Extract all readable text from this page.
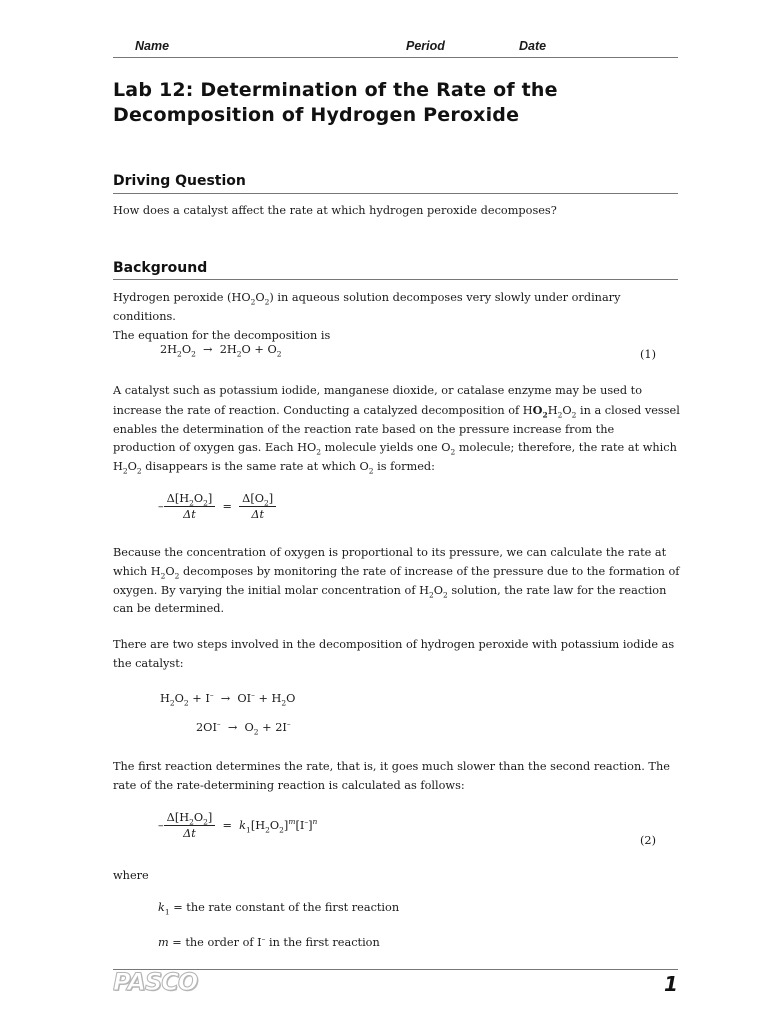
Name	Period	Date
Lab 12: Determination of the Rate of the
Decomposition of Hydrogen Peroxide
Driving Question
How does a catalyst affect the rate at which hydrogen peroxide decomposes?
Background
Hydrogen peroxide $(HO_2O_2)$ in aqueous solution decomposes very slowly under ordinary conditions.
The equation for the decomposition is
$2H_2O_2 \to 2H_2O + O_2$	(1)
A catalyst such as potassium iodide, manganese dioxide, or catalase enzyme may be used to
increase the rate of reaction. Conducting a catalyzed decomposition of $HO_2H_2O_2$ in a closed vessel
enables the determination of the reaction rate based on the pressure increase from the
production of oxygen gas. Each $HO_2$ molecule yields one $O_2$ molecule; therefore, the rate at which
$H_2O_2$ disappears is the same rate at which $O_2$ is formed:
– $\frac{\Delta[H_2O_2]}{\Delta t} = \frac{\Delta[O_2]}{\Delta t}$
Because the concentration of oxygen is proportional to its pressure, we can calculate the rate at
which $H_2O_2$ decomposes by monitoring the rate of increase of the pressure due to the formation of
oxygen. By varying the initial molar concentration of $H_2O_2$ solution, the rate law for the reaction
can be determined.
There are two steps involved in the decomposition of hydrogen peroxide with potassium iodide as
the catalyst:
$H_2O_2 + I^- \to OI^- + H_2O$
$2OI^- \to O_2 + 2I^-$
The first reaction determines the rate, that is, it goes much slower than the second reaction. The
rate of the rate-determining reaction is calculated as follows:
– $\frac{\Delta[H_2O_2]}{\Delta t} = k_1[H_2O_2]^m[I^-]^n$
(2)
where
$k_1$ = the rate constant of the first reaction
m = the order of I– in the first reaction
PASCO	1
